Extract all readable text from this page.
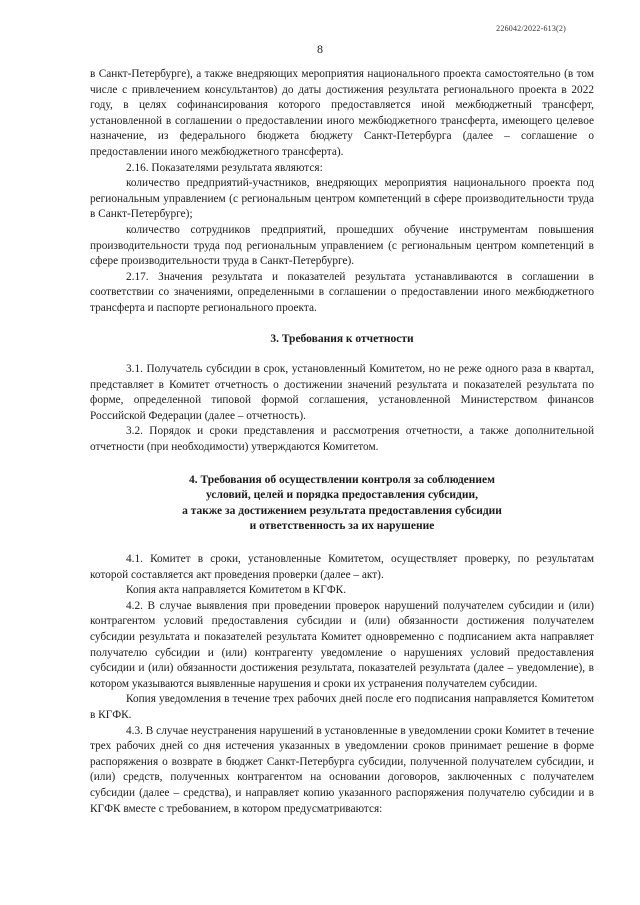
226042/2022-613(2)
8

в Санкт-Петербурге), а также внедряющих мероприятия национального проекта самостоятельно (в том числе с привлечением консультантов) до даты достижения результата регионального проекта в 2022 году, в целях софинансирования которого предоставляется иной межбюджетный трансферт, установленной в соглашении о предоставлении иного межбюджетного трансферта, имеющего целевое назначение, из федерального бюджета бюджету Санкт-Петербурга (далее – соглашение о предоставлении иного межбюджетного трансферта).

2.16. Показателями результата являются:

количество предприятий-участников, внедряющих мероприятия национального проекта под региональным управлением (с региональным центром компетенций в сфере производительности труда в Санкт-Петербурге);

количество сотрудников предприятий, прошедших обучение инструментам повышения производительности труда под региональным управлением (с региональным центром компетенций в сфере производительности труда в Санкт-Петербурге).

2.17. Значения результата и показателей результата устанавливаются в соглашении в соответствии со значениями, определенными в соглашении о предоставлении иного межбюджетного трансферта и паспорте регионального проекта.

3. Требования к отчетности

3.1. Получатель субсидии в срок, установленный Комитетом, но не реже одного раза в квартал, представляет в Комитет отчетность о достижении значений результата и показателей результата по форме, определенной типовой формой соглашения, установленной Министерством финансов Российской Федерации (далее – отчетность).

3.2. Порядок и сроки представления и рассмотрения отчетности, а также дополнительной отчетности (при необходимости) утверждаются Комитетом.

4. Требования об осуществлении контроля за соблюдением

условий, целей и порядка предоставления субсидии,

а также за достижением результата предоставления субсидии

и ответственность за их нарушение

4.1. Комитет в сроки, установленные Комитетом, осуществляет проверку, по результатам которой составляется акт проведения проверки (далее – акт).

Копия акта направляется Комитетом в КГФК.

4.2. В случае выявления при проведении проверок нарушений получателем субсидии и (или) контрагентом условий предоставления субсидии и (или) обязанности достижения получателем субсидии результата и показателей результата Комитет одновременно с подписанием акта направляет получателю субсидии и (или) контрагенту уведомление о нарушениях условий предоставления субсидии и (или) обязанности достижения результата, показателей результата (далее – уведомление), в котором указываются выявленные нарушения и сроки их устранения получателем субсидии.

Копия уведомления в течение трех рабочих дней после его подписания направляется Комитетом в КГФК.

4.3. В случае неустранения нарушений в установленные в уведомлении сроки Комитет в течение трех рабочих дней со дня истечения указанных в уведомлении сроков принимает решение в форме распоряжения о возврате в бюджет Санкт-Петербурга субсидии, полученной получателем субсидии, и (или) средств, полученных контрагентом на основании договоров, заключенных с получателем субсидии (далее – средства), и направляет копию указанного распоряжения получателю субсидии и в КГФК вместе с требованием, в котором предусматриваются:
